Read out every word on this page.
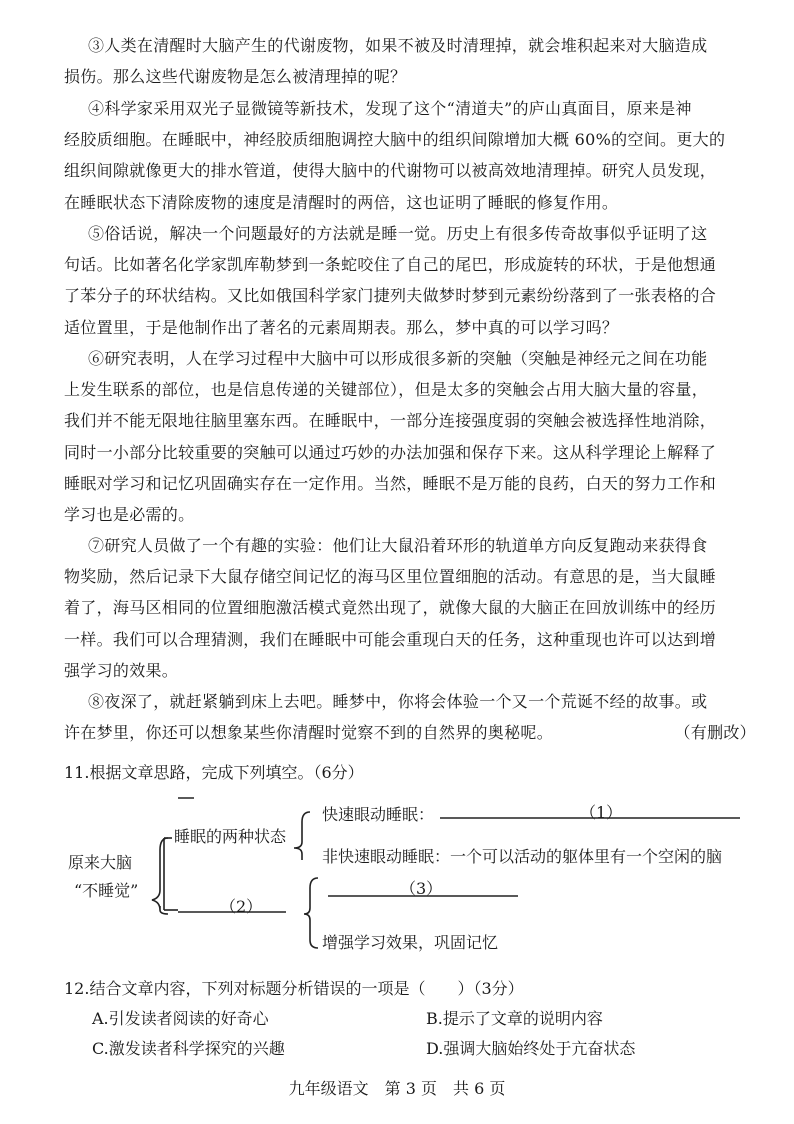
③人类在清醒时大脑产生的代谢废物，如果不被及时清理掉，就会堆积起来对大脑造成
损伤。那么这些代谢废物是怎么被清理掉的呢？
④科学家采用双光子显微镜等新技术，发现了这个“清道夫”的庐山真面目，原来是神
经胶质细胞。在睡眠中，神经胶质细胞调控大脑中的组织间隙增加大概 60%的空间。更大的
组织间隙就像更大的排水管道，使得大脑中的代谢物可以被高效地清理掉。研究人员发现，
在睡眠状态下清除废物的速度是清醒时的两倍，这也证明了睡眠的修复作用。
⑤俗话说，解决一个问题最好的方法就是睡一觉。历史上有很多传奇故事似乎证明了这
句话。比如著名化学家凯库勒梦到一条蛇咬住了自己的尾巴，形成旋转的环状，于是他想通
了苯分子的环状结构。又比如俄国科学家门捷列夫做梦时梦到元素纷纷落到了一张表格的合
适位置里，于是他制作出了著名的元素周期表。那么，梦中真的可以学习吗？
⑥研究表明，人在学习过程中大脑中可以形成很多新的突触（突触是神经元之间在功能
上发生联系的部位，也是信息传递的关键部位），但是太多的突触会占用大脑大量的容量，
我们并不能无限地往脑里塞东西。在睡眠中，一部分连接强度弱的突触会被选择性地消除，
同时一小部分比较重要的突触可以通过巧妙的办法加强和保存下来。这从科学理论上解释了
睡眠对学习和记忆巩固确实存在一定作用。当然，睡眠不是万能的良药，白天的努力工作和
学习也是必需的。
⑦研究人员做了一个有趣的实验：他们让大鼠沿着环形的轨道单方向反复跑动来获得食
物奖励，然后记录下大鼠存储空间记忆的海马区里位置细胞的活动。有意思的是，当大鼠睡
着了，海马区相同的位置细胞激活模式竟然出现了，就像大鼠的大脑正在回放训练中的经历
一样。我们可以合理猜测，我们在睡眠中可能会重现白天的任务，这种重现也许可以达到增
强学习的效果。
⑧夜深了，就赶紧躺到床上去吧。睡梦中，你将会体验一个又一个荒诞不经的故事。或
许在梦里，你还可以想象某些你清醒时觉察不到的自然界的奥秘呢。	（有删改）
11.根据文章思路，完成下列填空。（6分）
原来大脑
“不睡觉”
睡眠的两种状态
快速眼动睡眠：	（1）
非快速眼动睡眠：一个可以活动的躯体里有一个空闲的脑
（2）
（3）
增强学习效果，巩固记忆
12.结合文章内容，下列对标题分析错误的一项是（　　）（3分）
A.引发读者阅读的好奇心	B.提示了文章的说明内容
C.激发读者科学探究的兴趣	D.强调大脑始终处于亢奋状态
九年级语文　第 3 页　共 6 页
